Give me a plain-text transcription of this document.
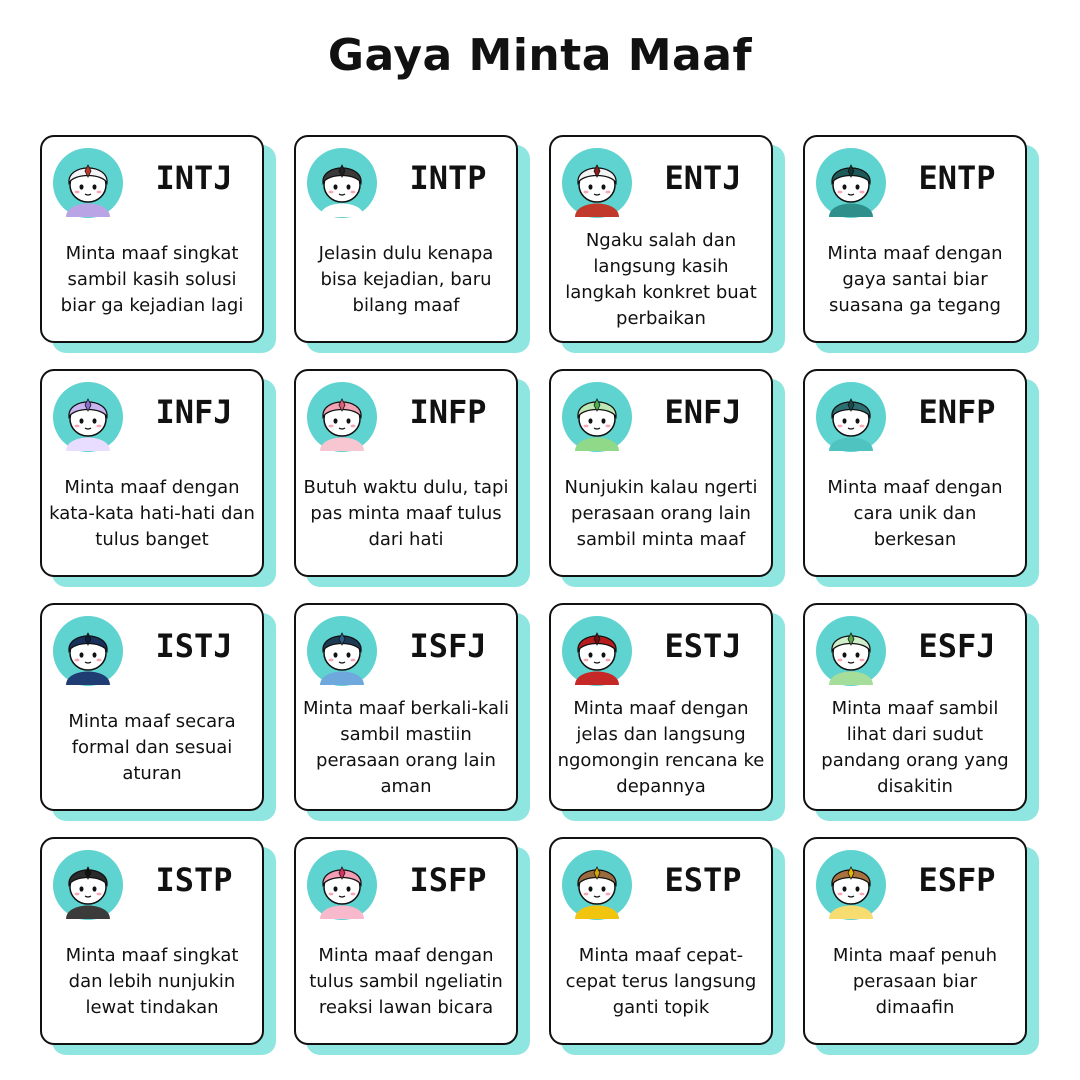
Gaya Minta Maaf
INTJ
Minta maaf singkat sambil kasih solusi biar ga kejadian lagi
INTP
Jelasin dulu kenapa bisa kejadian, baru bilang maaf
ENTJ
Ngaku salah dan langsung kasih langkah konkret buat perbaikan
ENTP
Minta maaf dengan gaya santai biar suasana ga tegang
INFJ
Minta maaf dengan kata-kata hati-hati dan tulus banget
INFP
Butuh waktu dulu, tapi pas minta maaf tulus dari hati
ENFJ
Nunjukin kalau ngerti perasaan orang lain sambil minta maaf
ENFP
Minta maaf dengan cara unik dan berkesan
ISTJ
Minta maaf secara formal dan sesuai aturan
ISFJ
Minta maaf berkali-kali sambil mastiin perasaan orang lain aman
ESTJ
Minta maaf dengan jelas dan langsung ngomongin rencana ke depannya
ESFJ
Minta maaf sambil lihat dari sudut pandang orang yang disakitin
ISTP
Minta maaf singkat dan lebih nunjukin lewat tindakan
ISFP
Minta maaf dengan tulus sambil ngeliatin reaksi lawan bicara
ESTP
Minta maaf cepat-cepat terus langsung ganti topik
ESFP
Minta maaf penuh perasaan biar dimaafin
